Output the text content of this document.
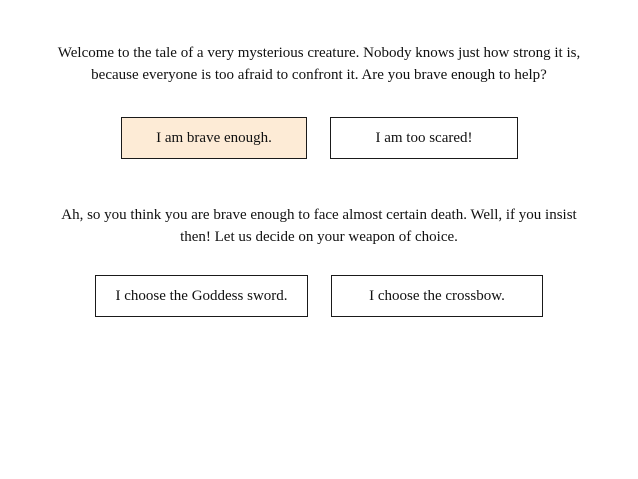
Welcome to the tale of a very mysterious creature. Nobody knows just how strong it is, because everyone is too afraid to confront it. Are you brave enough to help?

I am brave enough.	I am too scared!

Ah, so you think you are brave enough to face almost certain death. Well, if you insist then! Let us decide on your weapon of choice.

I choose the Goddess sword.	I choose the crossbow.
